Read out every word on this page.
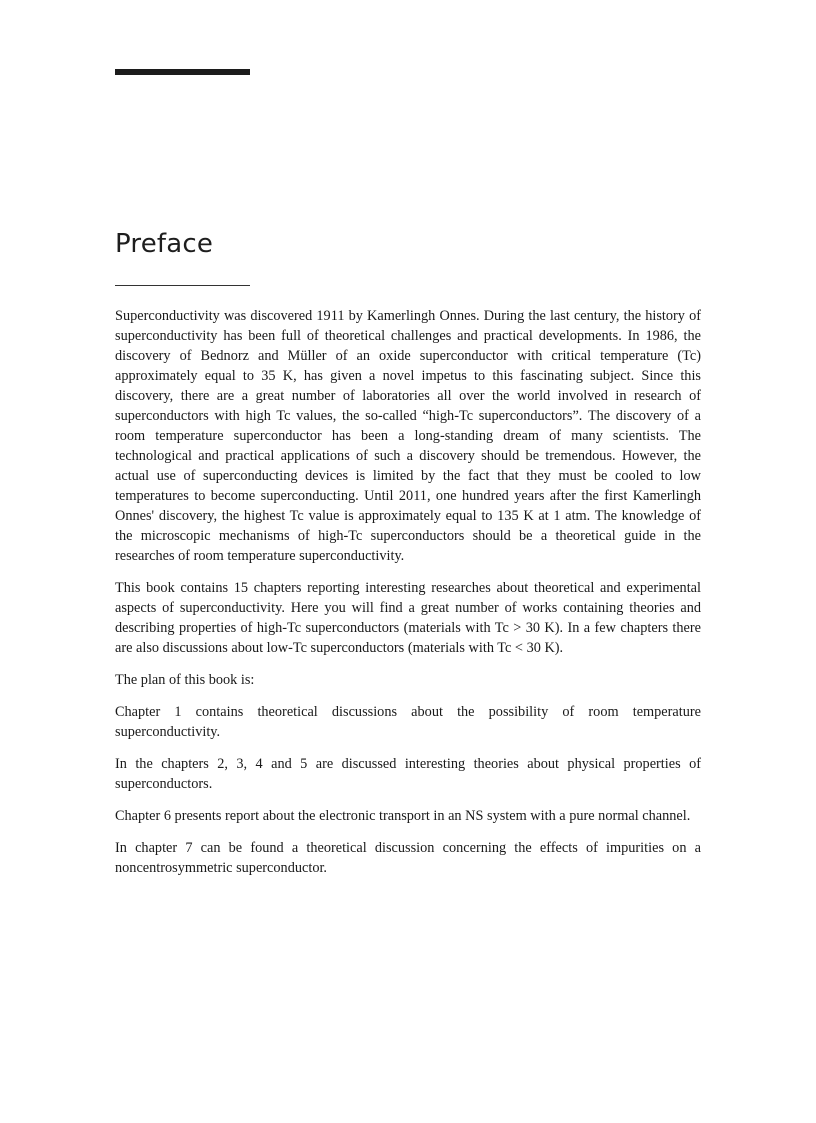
Preface

Superconductivity was discovered 1911 by Kamerlingh Onnes. During the last century, the history of superconductivity has been full of theoretical challenges and practical developments. In 1986, the discovery of Bednorz and Müller of an oxide superconductor with critical temperature (Tc) approximately equal to 35 K, has given a novel impetus to this fascinating subject. Since this discovery, there are a great number of laboratories all over the world involved in research of superconductors with high Tc values, the so-called “high-Tc superconductors”. The discovery of a room temperature superconductor has been a long-standing dream of many scientists. The technological and practical applications of such a discovery should be tremendous. However, the actual use of superconducting devices is limited by the fact that they must be cooled to low temperatures to become superconducting. Until 2011, one hundred years after the first Kamerlingh Onnes' discovery, the highest Tc value is approximately equal to 135 K at 1 atm. The knowledge of the microscopic mechanisms of high-Tc superconductors should be a theoretical guide in the researches of room temperature superconductivity.

This book contains 15 chapters reporting interesting researches about theoretical and experimental aspects of superconductivity. Here you will find a great number of works containing theories and describing properties of high-Tc superconductors (materials with Tc > 30 K). In a few chapters there are also discussions about low-Tc superconductors (materials with Tc < 30 K).

The plan of this book is:

Chapter 1 contains theoretical discussions about the possibility of room temperature superconductivity.

In the chapters 2, 3, 4 and 5 are discussed interesting theories about physical properties of superconductors.

Chapter 6 presents report about the electronic transport in an NS system with a pure normal channel.

In chapter 7 can be found a theoretical discussion concerning the effects of impurities on a noncentrosymmetric superconductor.
